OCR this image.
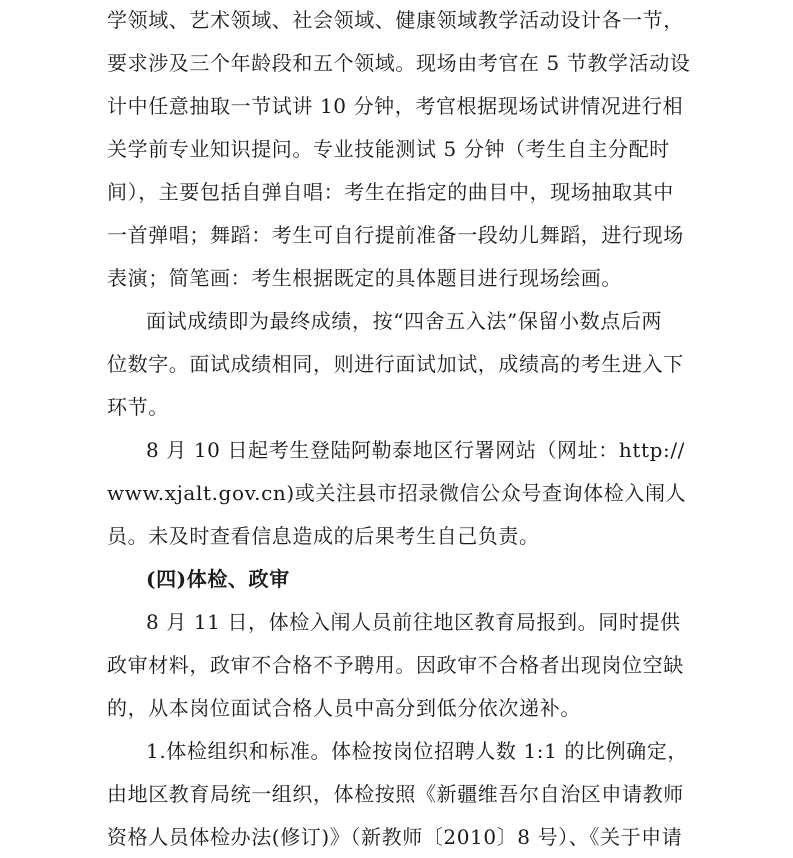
学领域、艺术领域、社会领域、健康领域教学活动设计各一节，
要求涉及三个年龄段和五个领域。现场由考官在 5 节教学活动设
计中任意抽取一节试讲 10 分钟，考官根据现场试讲情况进行相
关学前专业知识提问。专业技能测试 5 分钟（考生自主分配时
间），主要包括自弹自唱：考生在指定的曲目中，现场抽取其中
一首弹唱；舞蹈：考生可自行提前准备一段幼儿舞蹈，进行现场
表演；简笔画：考生根据既定的具体题目进行现场绘画。
面试成绩即为最终成绩，按“四舍五入法”保留小数点后两
位数字。面试成绩相同，则进行面试加试，成绩高的考生进入下
环节。
8 月 10 日起考生登陆阿勒泰地区行署网站（网址：http://
www.xjalt.gov.cn)或关注县市招录微信公众号查询体检入闱人
员。未及时查看信息造成的后果考生自己负责。
(四)体检、政审
8 月 11 日，体检入闱人员前往地区教育局报到。同时提供
政审材料，政审不合格不予聘用。因政审不合格者出现岗位空缺
的，从本岗位面试合格人员中高分到低分依次递补。
1.体检组织和标准。体检按岗位招聘人数 1:1 的比例确定，
由地区教育局统一组织，体检按照《新疆维吾尔自治区申请教师
资格人员体检办法(修订)》（新教师〔2010〕8 号）、《关于申请
